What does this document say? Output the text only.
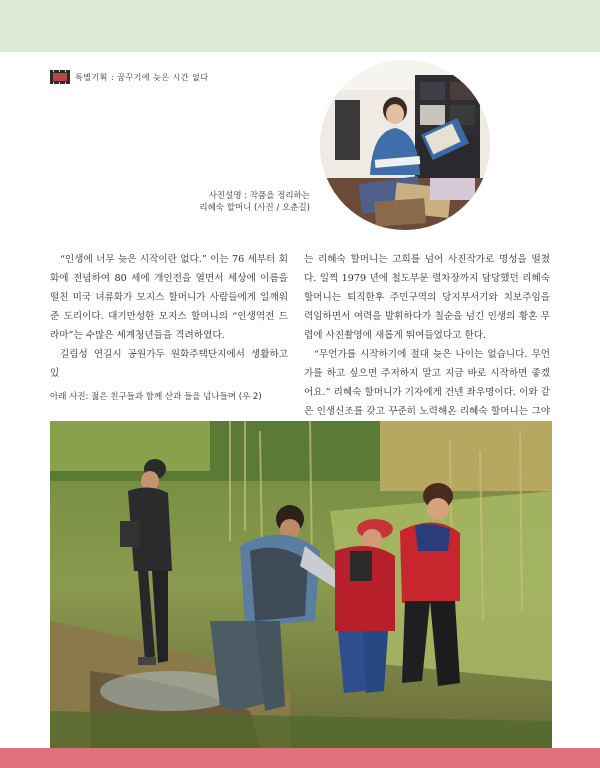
특별기획 : 꿈꾸기에 늦은 시간 없다
사진설명 : 작품을 정리하는
리혜숙 할머니 (사진 / 오춘길)

“인생에 너무 늦은 시작이란 없다.” 이는 76 세부터 회화에 전념하여 80 세에 개인전을 열면서 세상에 이름을 떨친 미국 녀류화가 모지스 할머니가 사람들에게 일깨워준 도리이다. 대기만성한 모지스 할머니의 “인생역전 드라마”는 수많은 세계청년들을 격려하였다.

길림성 연길시 공원가두 원화주택단지에서 생활하고 있

는 리혜숙 할머니는 고희를 넘어 사진작가로 명성을 떨쳤다. 일찍 1979 년에 철도부문 렬차장까지 담당했던 리혜숙 할머니는 퇴직한후 주민구역의 당지부서기와 치보주임을 력임하면서 여력을 발휘하다가 칠순을 넘긴 인생의 황혼 무렵에 사진촬영에 새롭게 뛰여들었다고 한다.

“무언가를 시작하기에 절대 늦은 나이는 없습니다. 무언가를 하고 싶으면 주저하지 말고 지금 바로 시작하면 좋겠어요.” 리혜숙 할머니가 기자에게 건넨 좌우명이다. 이와 같은 인생신조를 갖고 꾸준히 노력해온 리혜숙 할머니는 그야

아래 사진: 젊은 친구들과 함께 산과 들을 넘나들며 (우 2)
